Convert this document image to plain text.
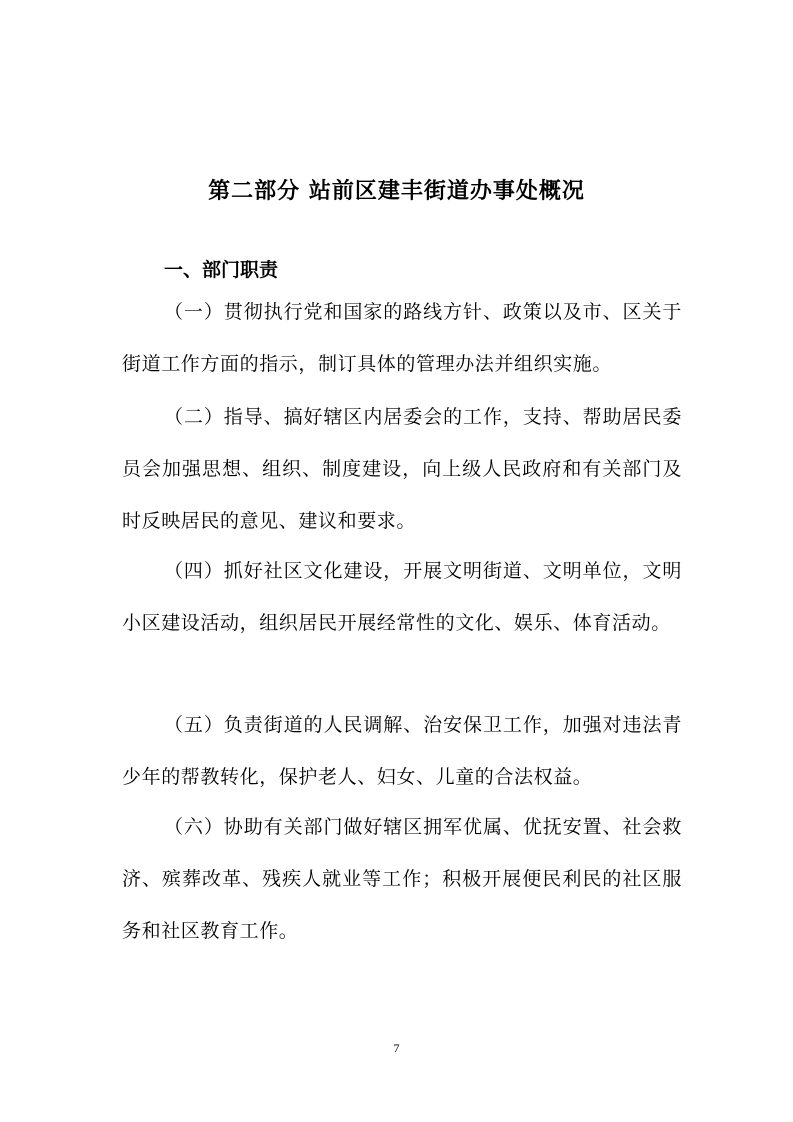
第二部分 站前区建丰街道办事处概况
一、部门职责

（一）贯彻执行党和国家的路线方针、政策以及市、区关于街道工作方面的指示，制订具体的管理办法并组织实施。

（二）指导、搞好辖区内居委会的工作，支持、帮助居民委员会加强思想、组织、制度建设，向上级人民政府和有关部门及时反映居民的意见、建议和要求。

（四）抓好社区文化建设，开展文明街道、文明单位，文明小区建设活动，组织居民开展经常性的文化、娱乐、体育活动。

（五）负责街道的人民调解、治安保卫工作，加强对违法青少年的帮教转化，保护老人、妇女、儿童的合法权益。

（六）协助有关部门做好辖区拥军优属、优抚安置、社会救济、殡葬改革、残疾人就业等工作；积极开展便民利民的社区服务和社区教育工作。

7
